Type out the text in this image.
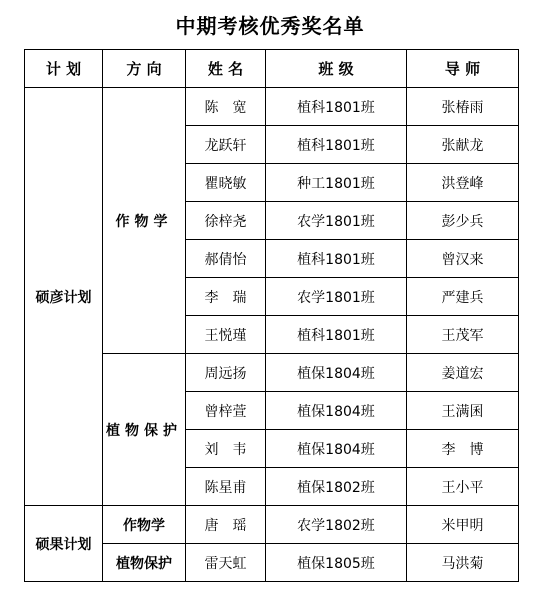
中期考核优秀奖名单
计 划	方 向	姓 名	班 级	导 师
硕彦计划	作物学	陈　宽	植科1801班	张椿雨
		龙跃轩	植科1801班	张献龙
		瞿晓敏	种工1801班	洪登峰
		徐梓尧	农学1801班	彭少兵
		郝倩怡	植科1801班	曾汉来
		李　瑞	农学1801班	严建兵
		王悦瑾	植科1801班	王茂军
	植物保护	周远扬	植保1804班	姜道宏
		曾梓萱	植保1804班	王满囷
		刘　韦	植保1804班	李　博
		陈星甫	植保1802班	王小平
硕果计划	作物学	唐　瑶	农学1802班	米甲明
	植物保护	雷天虹	植保1805班	马洪菊
